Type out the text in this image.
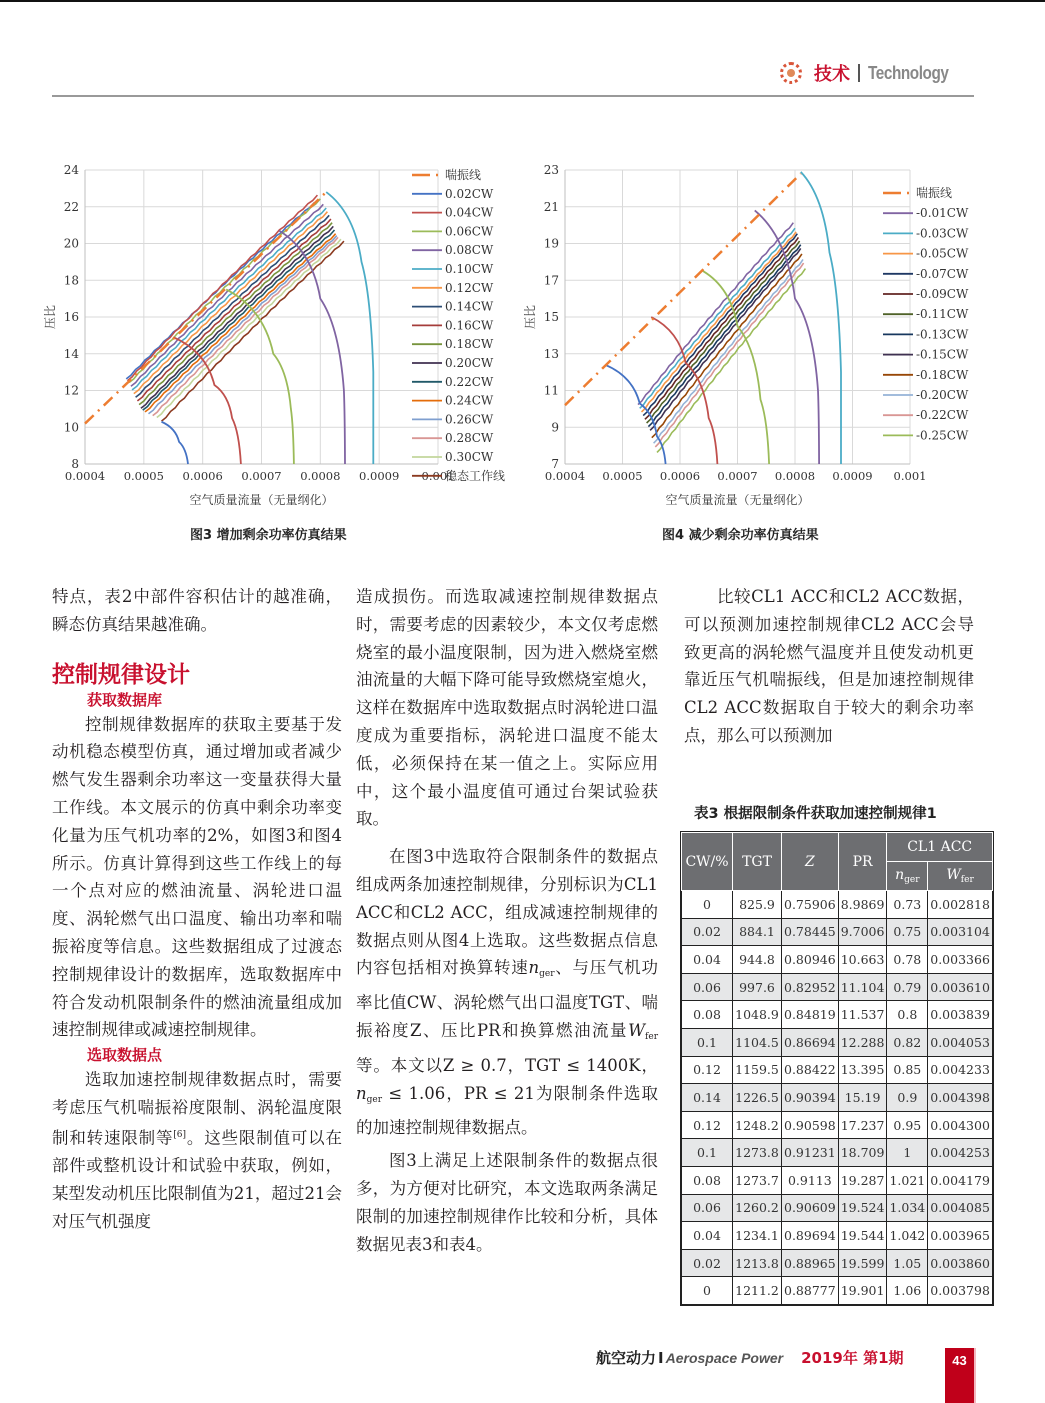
技术 Technology
8
10
12
14
16
18
20
22
24
0.0004 0.0005 0.0006 0.0007 0.0008 0.0009 0.001
空气质量流量（无量纲化）
压比
喘振线
0.02CW
0.04CW
0.06CW
0.08CW
0.10CW
0.12CW
0.14CW
0.16CW
0.18CW
0.20CW
0.22CW
0.24CW
0.26CW
0.28CW
0.30CW
稳态工作线
图3 增加剩余功率仿真结果
7
9
11
13
15
17
19
21
23
0.0004 0.0005 0.0006 0.0007 0.0008 0.0009 0.001
空气质量流量（无量纲化）
压比
喘振线
-0.01CW
-0.03CW
-0.05CW
-0.07CW
-0.09CW
-0.11CW
-0.13CW
-0.15CW
-0.18CW
-0.20CW
-0.22CW
-0.25CW
图4 减少剩余功率仿真结果

特点，表2中部件容积估计的越准确，瞬态仿真结果越准确。

控制规律设计
获取数据库

控制规律数据库的获取主要基于发动机稳态模型仿真，通过增加或者减少燃气发生器剩余功率这一变量获得大量工作线。本文展示的仿真中剩余功率变化量为压气机功率的2%，如图3和图4所示。仿真计算得到这些工作线上的每一个点对应的燃油流量、涡轮进口温度、涡轮燃气出口温度、输出功率和喘振裕度等信息。这些数据组成了过渡态控制规律设计的数据库，选取数据库中符合发动机限制条件的燃油流量组成加速控制规律或减速控制规律。

选取数据点

选取加速控制规律数据点时，需要考虑压气机喘振裕度限制、涡轮温度限制和转速限制等[6]。这些限制值可以在部件或整机设计和试验中获取，例如，某型发动机压比限制值为21，超过21会对压气机强度

造成损伤。而选取减速控制规律数据点时，需要考虑的因素较少，本文仅考虑燃烧室的最小温度限制，因为进入燃烧室燃油流量的大幅下降可能导致燃烧室熄火，这样在数据库中选取数据点时涡轮进口温度成为重要指标，涡轮进口温度不能太低，必须保持在某一值之上。实际应用中，这个最小温度值可通过台架试验获取。

在图3中选取符合限制条件的数据点组成两条加速控制规律，分别标识为CL1 ACC和CL2 ACC，组成减速控制规律的数据点则从图4上选取。这些数据点信息内容包括相对换算转速$n_{ger}$、与压气机功率比值CW、涡轮燃气出口温度TGT、喘振裕度Z、压比PR和换算燃油流量$W_{fer}$等。本文以Z ≥ 0.7，TGT ≤ 1400K，$n_{ger} \le 1.06$，PR ≤ 21为限制条件选取的加速控制规律数据点。

图3上满足上述限制条件的数据点很多，为方便对比研究，本文选取两条满足限制的加速控制规律作比较和分析，具体数据见表3和表4。

比较CL1 ACC和CL2 ACC数据，可以预测加速控制规律CL2 ACC会导致更高的涡轮燃气温度并且使发动机更靠近压气机喘振线，但是加速控制规律CL2 ACC数据取自于较大的剩余功率点，那么可以预测加

表3 根据限制条件获取加速控制规律1
CW/%	TGT	Z	PR	CL1 ACC	
				$n_{ger}$	$W_{fer}$
0	825.9	0.75906	8.9869	0.73	0.002818
0.02	884.1	0.78445	9.7006	0.75	0.003104
0.04	944.8	0.80946	10.663	0.78	0.003366
0.06	997.6	0.82952	11.104	0.79	0.003610
0.08	1048.9	0.84819	11.537	0.8	0.003839
0.1	1104.5	0.86694	12.288	0.82	0.004053
0.12	1159.5	0.88422	13.395	0.85	0.004233
0.14	1226.5	0.90394	15.19	0.9	0.004398
0.12	1248.2	0.90598	17.237	0.95	0.004300
0.1	1273.8	0.91231	18.709	1	0.004253
0.08	1273.7	0.9113	19.287	1.021	0.004179
0.06	1260.2	0.90609	19.524	1.034	0.004085
0.04	1234.1	0.89694	19.544	1.042	0.003965
0.02	1213.8	0.88965	19.599	1.05	0.003860
0	1211.2	0.88777	19.901	1.06	0.003798
航空动力 I Aerospace Power 2019年 第1期	43
